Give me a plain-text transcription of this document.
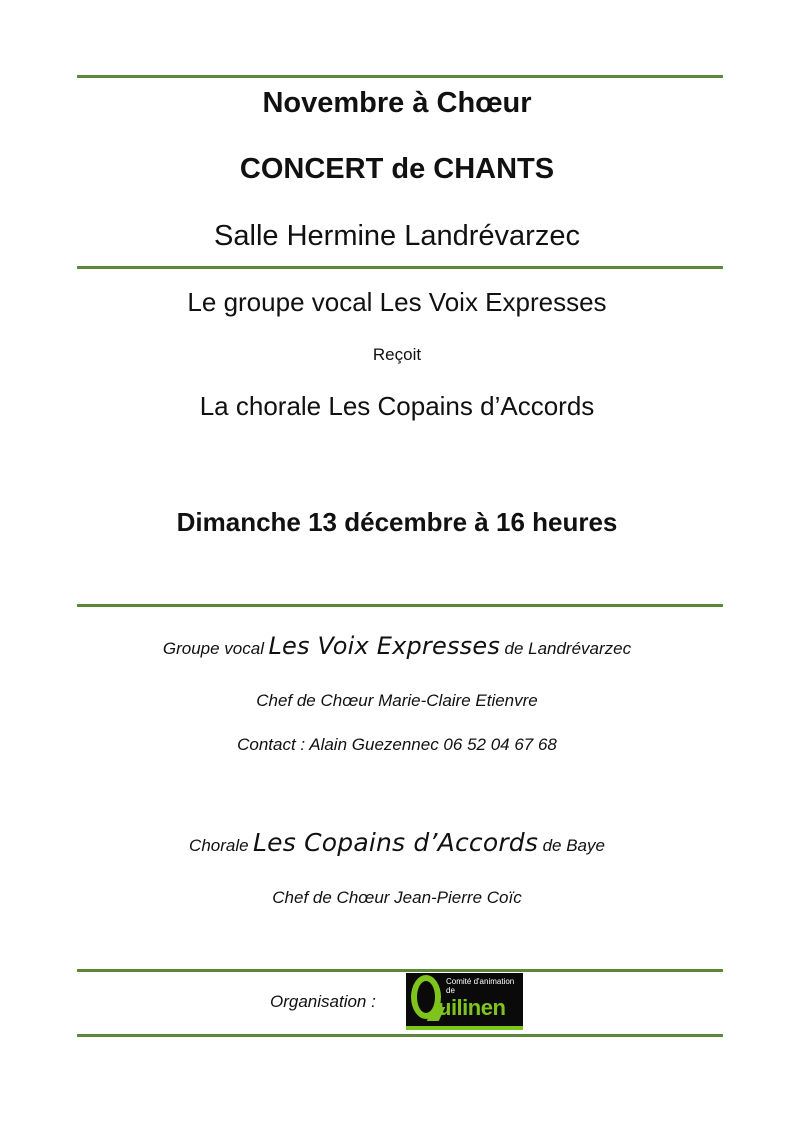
Novembre à Chœur
CONCERT de CHANTS
Salle Hermine Landrévarzec
Le groupe vocal Les Voix Expresses
Reçoit
La chorale Les Copains d’Accords
Dimanche 13 décembre à 16 heures
Groupe vocal Les Voix Expresses de Landrévarzec
Chef de Chœur Marie-Claire Etienvre
Contact : Alain Guezennec 06 52 04 67 68
Chorale Les Copains d’Accords de Baye
Chef de Chœur Jean-Pierre Coïc
Organisation :
Comité d'animation de
uilinen
